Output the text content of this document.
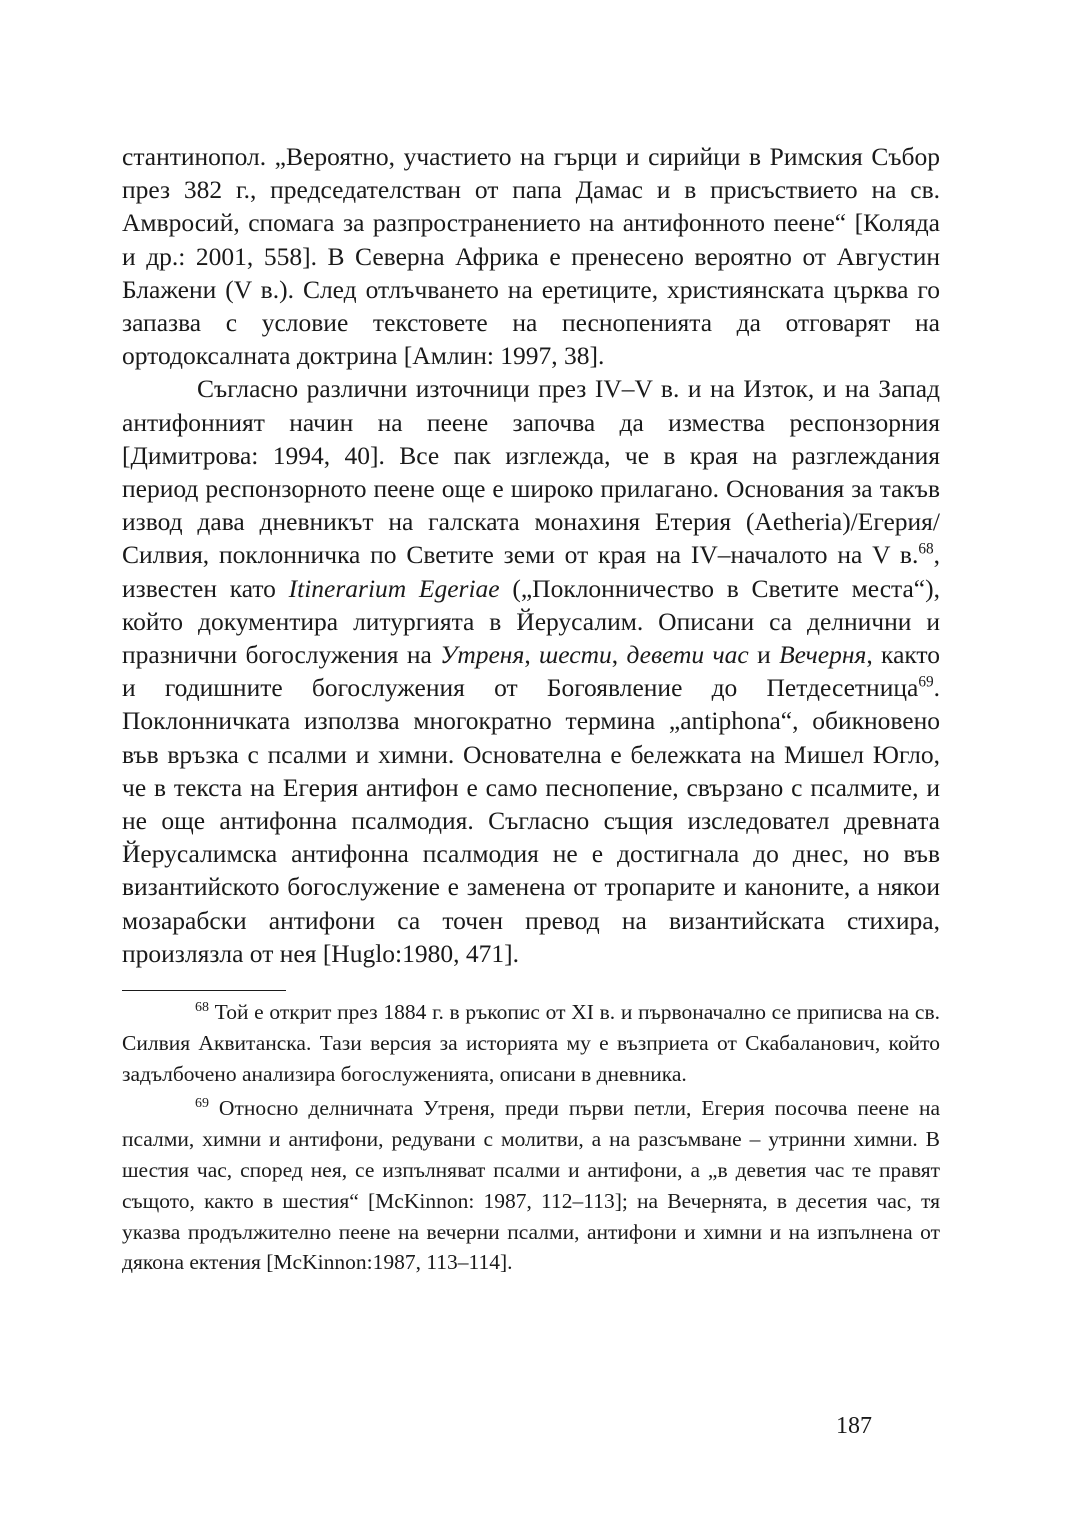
стантинопол. „Вероятно, участието на гърци и сирийци в Римския Събор през 382 г., председателстван от папа Дамас и в присъствието на св. Амвросий, спомага за разпространението на антифонното пеене“ [Коляда и др.: 2001, 558]. В Северна Африка е пренесено вероятно от Августин Блажени (V в.). След отлъчването на еретиците, християнската църква го запазва с условие текстовете на песнопенията да отговарят на ортодоксалната доктрина [Амлин: 1997, 38].

Съгласно различни източници през IV–V в. и на Изток, и на Запад антифонният начин на пеене започва да измества респонзорния [Димитрова: 1994, 40]. Все пак изглежда, че в края на разглеждания период респонзорното пеене още е широко прилагано. Основания за такъв извод дава дневникът на галската монахиня Етерия (Aetheria)/Егерия/Силвия, поклонничка по Светите земи от края на IV–началото на V в.$^{68}$, известен като Itinerarium Egeriae („Поклонничество в Светите места“), който документира литургията в Йерусалим. Описани са делнични и празнични богослужения на Утреня, шести, девети час и Вечерня, както и годишните богослужения от Богоявление до Петдесетница$^{69}$. Поклонничката използва многократно термина „antiphona“, обикновено във връзка с псалми и химни. Основателна е бележката на Мишел Югло, че в текста на Егерия антифон е само песнопение, свързано с псалмите, и не още антифонна псалмодия. Съгласно същия изследовател древната Йерусалимска антифонна псалмодия не е достигнала до днес, но във византийското богослужение е заменена от тропарите и каноните, а някои мозарабски антифони са точен превод на византийската стихира, произлязла от нея [Huglo:1980, 471].

$^{68}$ Той е открит през 1884 г. в ръкопис от XI в. и първоначално се приписва на св. Силвия Аквитанска. Тази версия за историята му е възприета от Скабаланович, който задълбочено анализира богослуженията, описани в дневника.

$^{69}$ Относно делничната Утреня, преди първи петли, Егерия посочва пеене на псалми, химни и антифони, редувани с молитви, а на разсъмване – утринни химни. В шестия час, според нея, се изпълняват псалми и антифони, а „в деветия час те правят същото, както в шестия“ [McKinnon: 1987, 112–113]; на Вечернята, в десетия час, тя указва продължително пеене на вечерни псалми, антифони и химни и на изпълнена от дякона ектения [McKinnon:1987, 113–114].

187
